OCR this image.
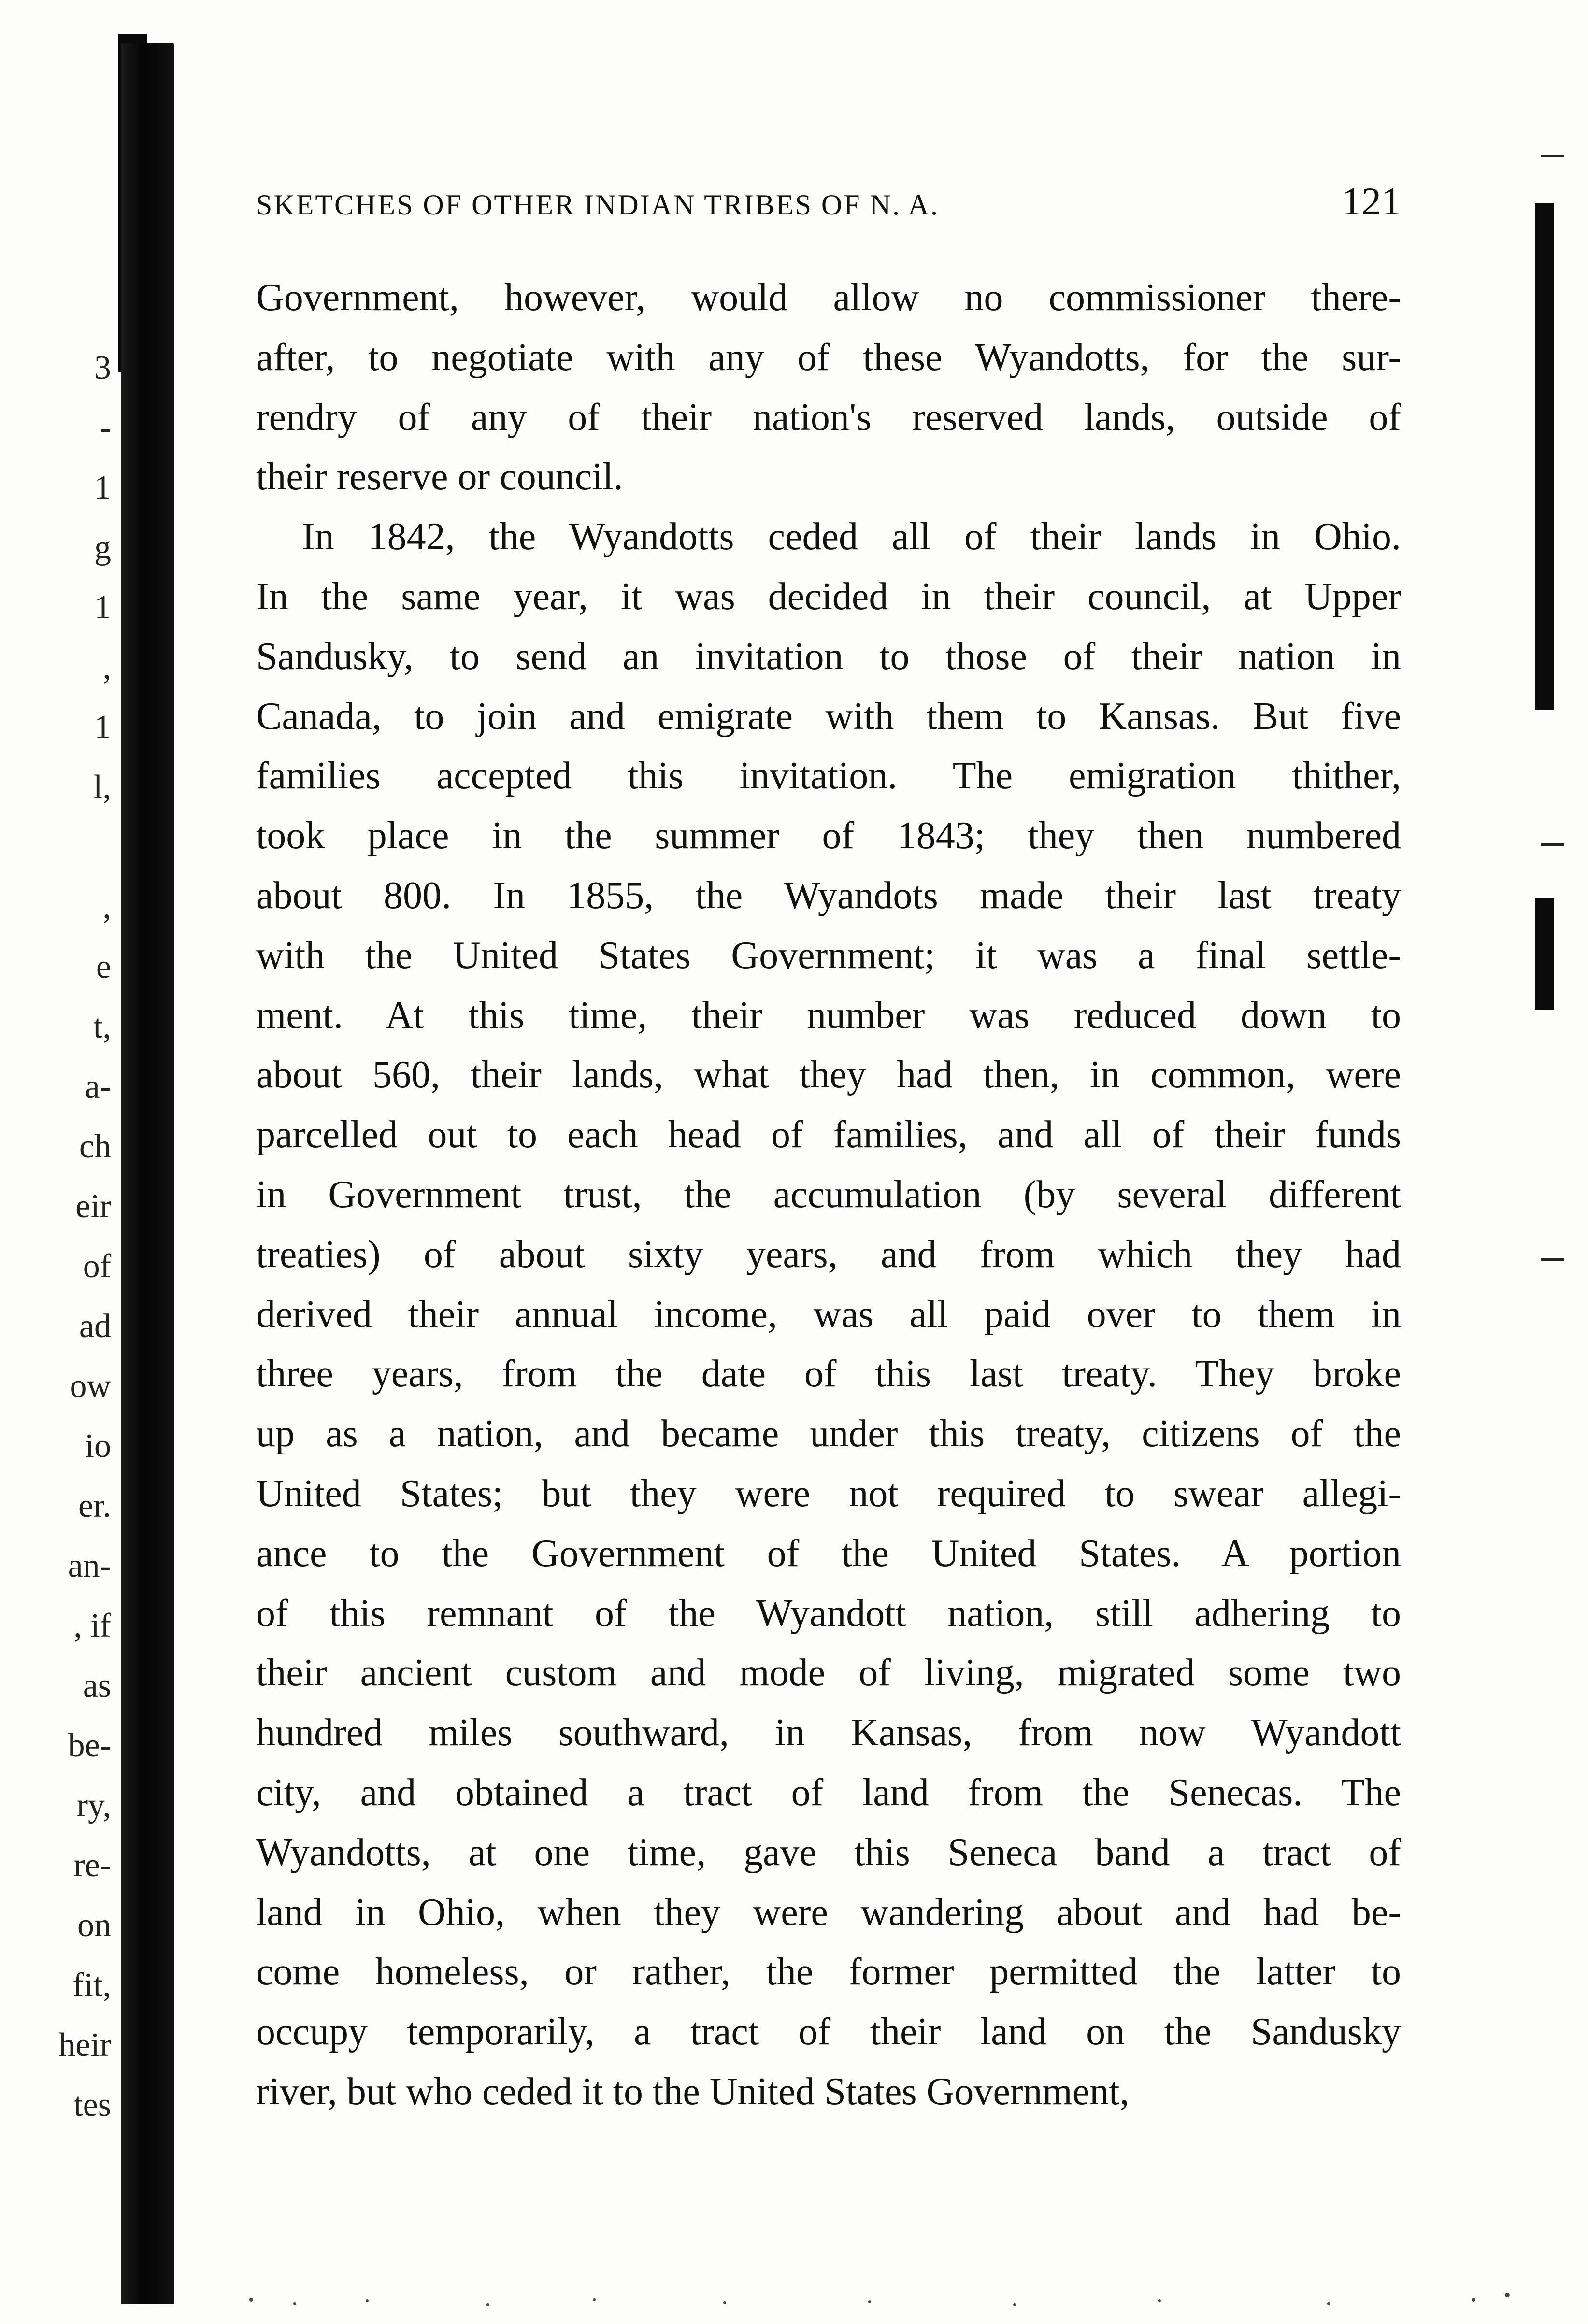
3
-
1
g
1
,
1
l,
,
e
t,
a-
ch
eir
of
ad
ow
io
er.
an-
, if
as
be-
ry,
re-
on
fit,
heir
tes
SKETCHES OF OTHER INDIAN TRIBES OF N. A.	121
Government, however, would allow no commissioner there-
after, to negotiate with any of these Wyandotts, for the sur-
rendry of any of their nation's reserved lands, outside of
their reserve or council.
In 1842, the Wyandotts ceded all of their lands in Ohio.
In the same year, it was decided in their council, at Upper
Sandusky, to send an invitation to those of their nation in
Canada, to join and emigrate with them to Kansas. But five
families accepted this invitation. The emigration thither,
took place in the summer of 1843; they then numbered
about 800. In 1855, the Wyandots made their last treaty
with the United States Government; it was a final settle-
ment. At this time, their number was reduced down to
about 560, their lands, what they had then, in common, were
parcelled out to each head of families, and all of their funds
in Government trust, the accumulation (by several different
treaties) of about sixty years, and from which they had
derived their annual income, was all paid over to them in
three years, from the date of this last treaty. They broke
up as a nation, and became under this treaty, citizens of the
United States; but they were not required to swear allegi-
ance to the Government of the United States. A portion
of this remnant of the Wyandott nation, still adhering to
their ancient custom and mode of living, migrated some two
hundred miles southward, in Kansas, from now Wyandott
city, and obtained a tract of land from the Senecas. The
Wyandotts, at one time, gave this Seneca band a tract of
land in Ohio, when they were wandering about and had be-
come homeless, or rather, the former permitted the latter to
occupy temporarily, a tract of their land on the Sandusky
river, but who ceded it to the United States Government,
